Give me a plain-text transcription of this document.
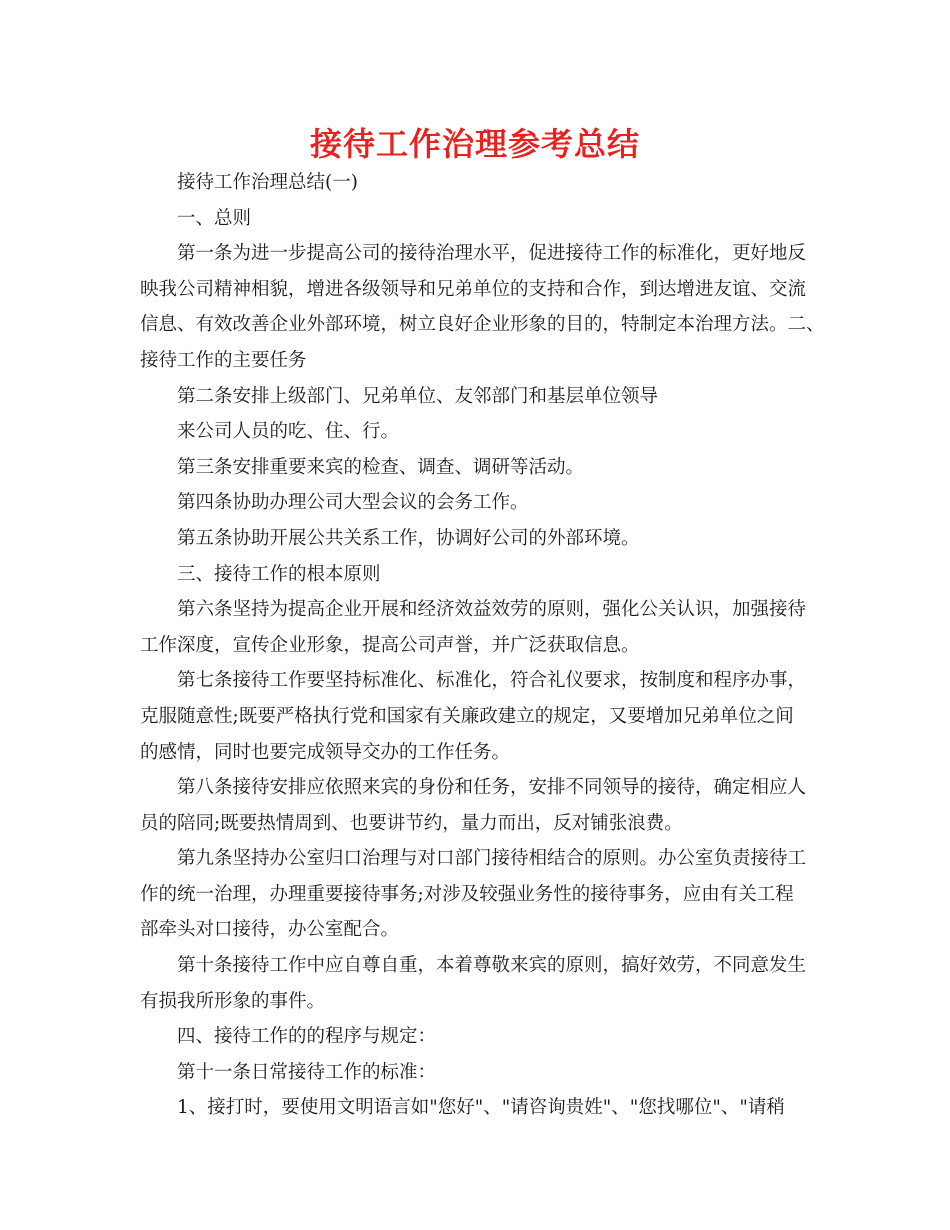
接待工作治理参考总结
接待工作治理总结(一)
一、总则
第一条为进一步提高公司的接待治理水平，促进接待工作的标准化，更好地反
映我公司精神相貌，增进各级领导和兄弟单位的支持和合作，到达增进友谊、交流
信息、有效改善企业外部环境，树立良好企业形象的目的，特制定本治理方法。二、
接待工作的主要任务
第二条安排上级部门、兄弟单位、友邻部门和基层单位领导
来公司人员的吃、住、行。
第三条安排重要来宾的检查、调查、调研等活动。
第四条协助办理公司大型会议的会务工作。
第五条协助开展公共关系工作，协调好公司的外部环境。
三、接待工作的根本原则
第六条坚持为提高企业开展和经济效益效劳的原则，强化公关认识，加强接待
工作深度，宣传企业形象，提高公司声誉，并广泛获取信息。
第七条接待工作要坚持标准化、标准化，符合礼仪要求，按制度和程序办事，
克服随意性;既要严格执行党和国家有关廉政建立的规定，又要增加兄弟单位之间
的感情，同时也要完成领导交办的工作任务。
第八条接待安排应依照来宾的身份和任务，安排不同领导的接待，确定相应人
员的陪同;既要热情周到、也要讲节约，量力而出，反对铺张浪费。
第九条坚持办公室归口治理与对口部门接待相结合的原则。办公室负责接待工
作的统一治理，办理重要接待事务;对涉及较强业务性的接待事务，应由有关工程
部牵头对口接待，办公室配合。
第十条接待工作中应自尊自重，本着尊敬来宾的原则，搞好效劳，不同意发生
有损我所形象的事件。
四、接待工作的的程序与规定：
第十一条日常接待工作的标准：
1、接打时，要使用文明语言如"您好"、"请咨询贵姓"、"您找哪位"、"请稍
